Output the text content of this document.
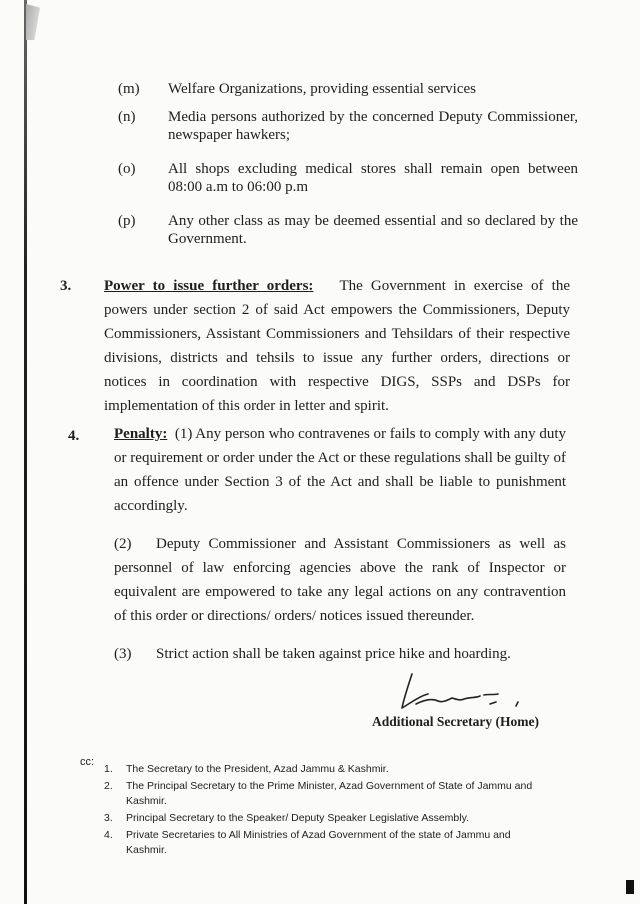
(m)	Welfare Organizations, providing essential services
(n)	Media persons authorized by the concerned Deputy Commissioner, newspaper hawkers;
(o)	All shops excluding medical stores shall remain open between 08:00 a.m to 06:00 p.m
(p)	Any other class as may be deemed essential and so declared by the Government.
3. Power to issue further orders: The Government in exercise of the powers under section 2 of said Act empowers the Commissioners, Deputy Commissioners, Assistant Commissioners and Tehsildars of their respective divisions, districts and tehsils to issue any further orders, directions or notices in coordination with respective DIGS, SSPs and DSPs for implementation of this order in letter and spirit.
4. Penalty: (1) Any person who contravenes or fails to comply with any duty or requirement or order under the Act or these regulations shall be guilty of an offence under Section 3 of the Act and shall be liable to punishment accordingly.
(2) Deputy Commissioner and Assistant Commissioners as well as personnel of law enforcing agencies above the rank of Inspector or equivalent are empowered to take any legal actions on any contravention of this order or directions/ orders/ notices issued thereunder.
(3) Strict action shall be taken against price hike and hoarding.
Additional Secretary (Home)
cc:
1.	The Secretary to the President, Azad Jammu & Kashmir.
2.	The Principal Secretary to the Prime Minister, Azad Government of State of Jammu and Kashmir.
3.	Principal Secretary to the Speaker/ Deputy Speaker Legislative Assembly.
4.	Private Secretaries to All Ministries of Azad Government of the state of Jammu and Kashmir.
